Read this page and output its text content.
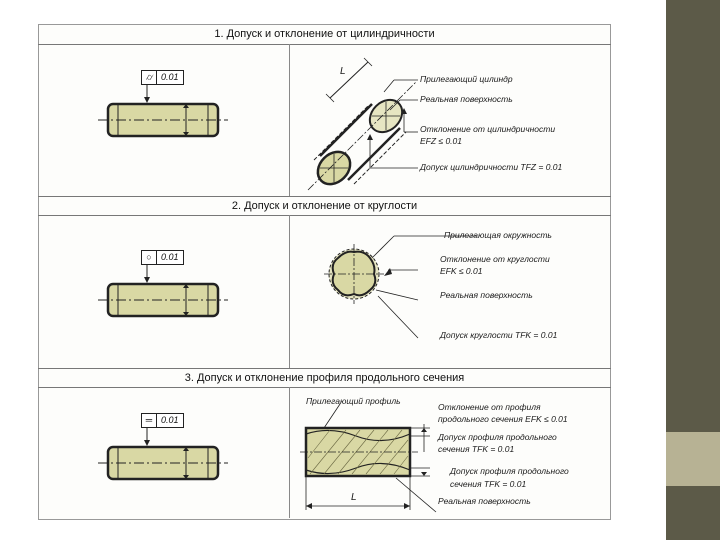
1. Допуск и отклонение от цилиндричности
2. Допуск и отклонение от круглости
3. Допуск и отклонение профиля продольного сечения
⌭ 0.01
○ 0.01
═ 0.01
L
Прилегающий цилиндр
Реальная поверхность
Отклонение от цилиндричности
EFZ ≤ 0.01
Допуск цилиндричности TFZ = 0.01
Прилегающая окружность
Отклонение от круглости
EFK ≤ 0.01
Реальная поверхность
Допуск круглости TFK = 0.01
Прилегающий профиль
L
Отклонение от профиля
продольного сечения EFK ≤ 0.01
Допуск профиля продольного
сечения TFK = 0.01
Допуск профиля продольного
сечения TFK = 0.01
Реальная поверхность
